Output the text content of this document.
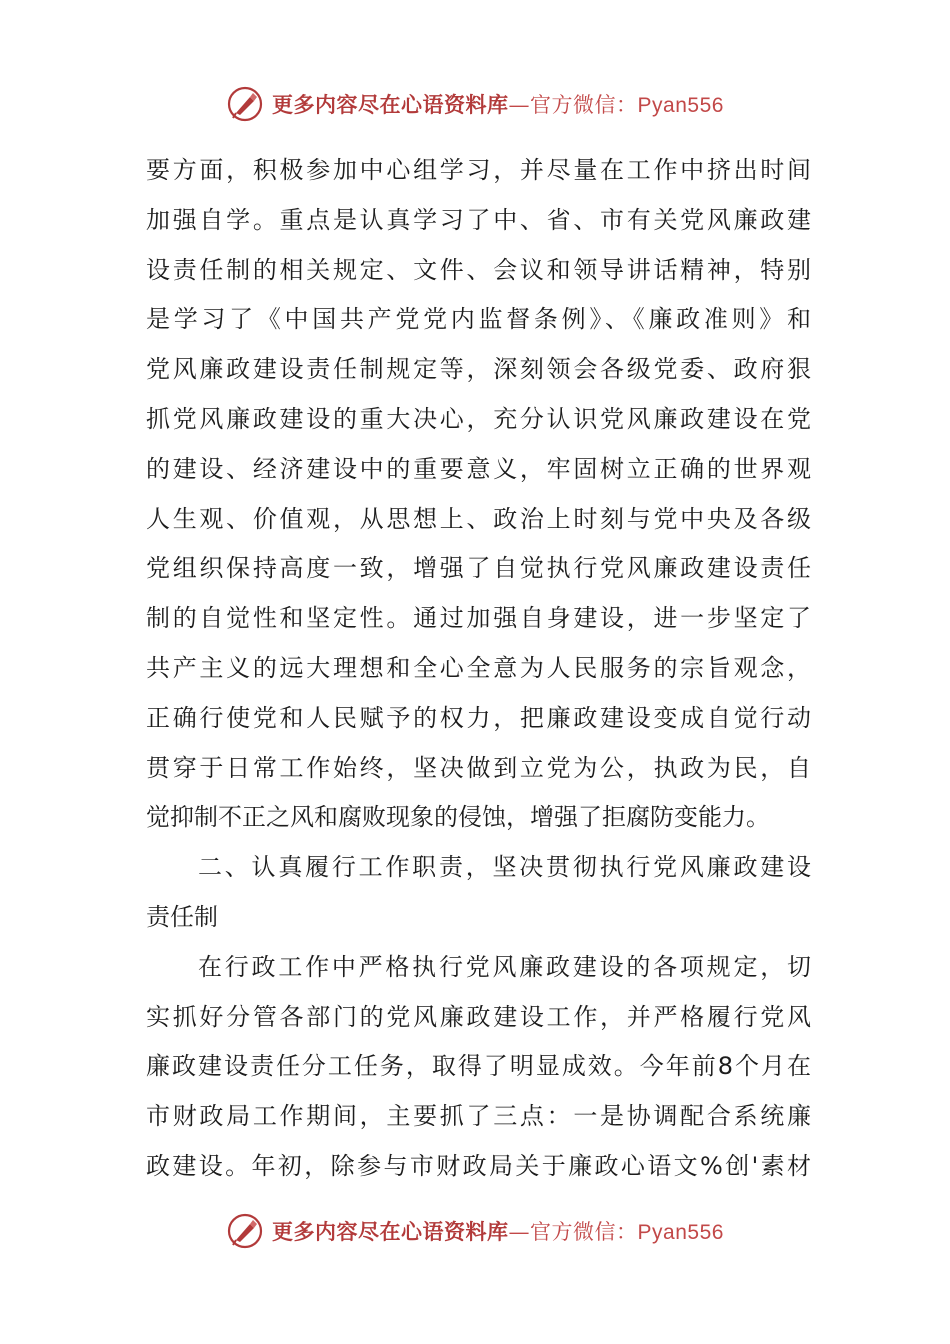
更多内容尽在心语资料库—官方微信：Pyan556
要方面，积极参加中心组学习，并尽量在工作中挤出时间
加强自学。重点是认真学习了中、省、市有关党风廉政建
设责任制的相关规定、文件、会议和领导讲话精神，特别
是学习了《中国共产党党内监督条例》、《廉政准则》和
党风廉政建设责任制规定等，深刻领会各级党委、政府狠
抓党风廉政建设的重大决心，充分认识党风廉政建设在党
的建设、经济建设中的重要意义，牢固树立正确的世界观
人生观、价值观，从思想上、政治上时刻与党中央及各级
党组织保持高度一致，增强了自觉执行党风廉政建设责任
制的自觉性和坚定性。通过加强自身建设，进一步坚定了
共产主义的远大理想和全心全意为人民服务的宗旨观念，
正确行使党和人民赋予的权力，把廉政建设变成自觉行动
贯穿于日常工作始终，坚决做到立党为公，执政为民，自
觉抑制不正之风和腐败现象的侵蚀，增强了拒腐防变能力。
二、认真履行工作职责，坚决贯彻执行党风廉政建设
责任制
在行政工作中严格执行党风廉政建设的各项规定，切
实抓好分管各部门的党风廉政建设工作，并严格履行党风
廉政建设责任分工任务，取得了明显成效。今年前8个月在
市财政局工作期间，主要抓了三点：一是协调配合系统廉
政建设。年初，除参与市财政局关于廉政心语文%创'素材
更多内容尽在心语资料库—官方微信：Pyan556
